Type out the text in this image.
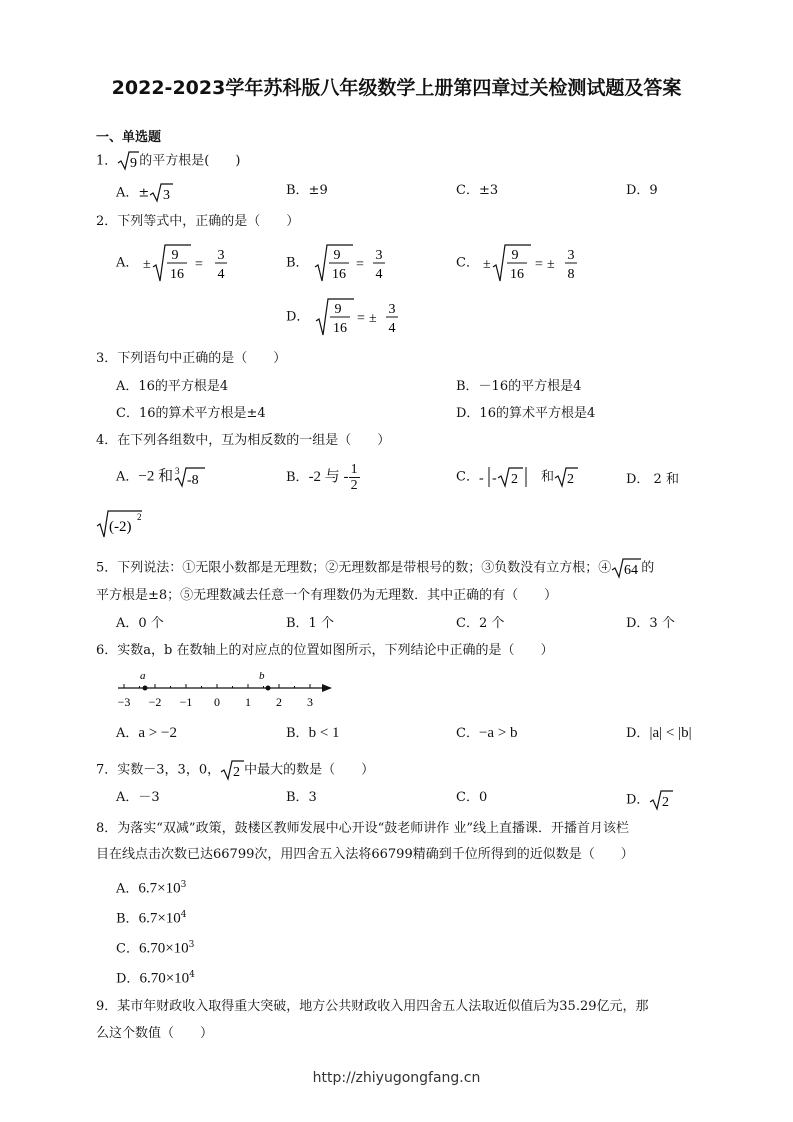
2022-2023学年苏科版八年级数学上册第四章过关检测试题及答案
一、单选题
1． 9 的平方根是(　　)
A．± 3	B．±9	C．±3	D．9
2．下列等式中，正确的是（　　）
A． ±
9
16
=
3
4
B． 9
16
=
3
4
C． ±
9
16
= ±
3
8
D． 9
16
= ±
3
4
3．下列语句中正确的是（　　）
A．16的平方根是4	B．－16的平方根是4
C．16的算术平方根是±4	D．16的算术平方根是4
4．在下列各组数中，互为相反数的一组是（　　）
A．−2 和 3
-8	B．-2 与 - $\frac{1}{2}$	C． - - 2 和 2	D． 2 和
(-2)
2
5．下列说法：①无限小数都是无理数；②无理数都是带根号的数；③负数没有立方根；④ 64 的
平方根是±8；⑤无理数减去任意一个有理数仍为无理数．其中正确的有（　　）
A．0 个	B．1 个	C．2 个	D．3 个
6．实数a，b 在数轴上的对应点的位置如图所示，下列结论中正确的是（　　）
−3 −2 −1 0 1 2 3
a	b
A．a > −2	B．b < 1	C．−a > b	D．|a| < |b|
7．实数－3，3，0， 2 中最大的数是（　　）
A．－3	B．3	C．0	D． 2
8．为落实“双减”政策，鼓楼区教师发展中心开设“鼓老师讲作 业”线上直播课．开播首月该栏
目在线点击次数已达66799次，用四舍五入法将66799精确到千位所得到的近似数是（　　）
A．$6.7\times 10^3$
B．$6.7\times 10^4$
C．$6.70\times 10^3$
D．$6.70\times 10^4$
9．某市年财政收入取得重大突破，地方公共财政收入用四舍五人法取近似值后为35.29亿元，那
么这个数值（　　）
http://zhiyugongfang.cn
